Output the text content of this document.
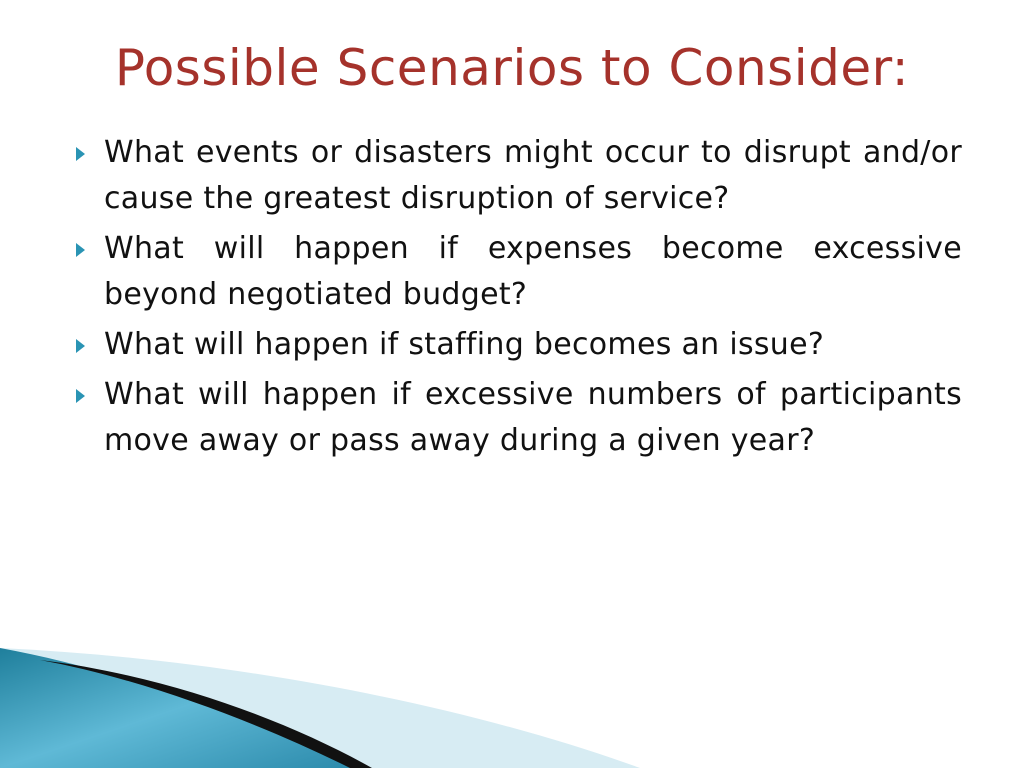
Possible Scenarios to Consider:
What events or disasters might occur to disrupt and/or cause the greatest disruption of service?
What will happen if expenses become excessive beyond negotiated budget?
What will happen if staffing becomes an issue?
What will happen if excessive numbers of participants move away or pass away during a given year?
